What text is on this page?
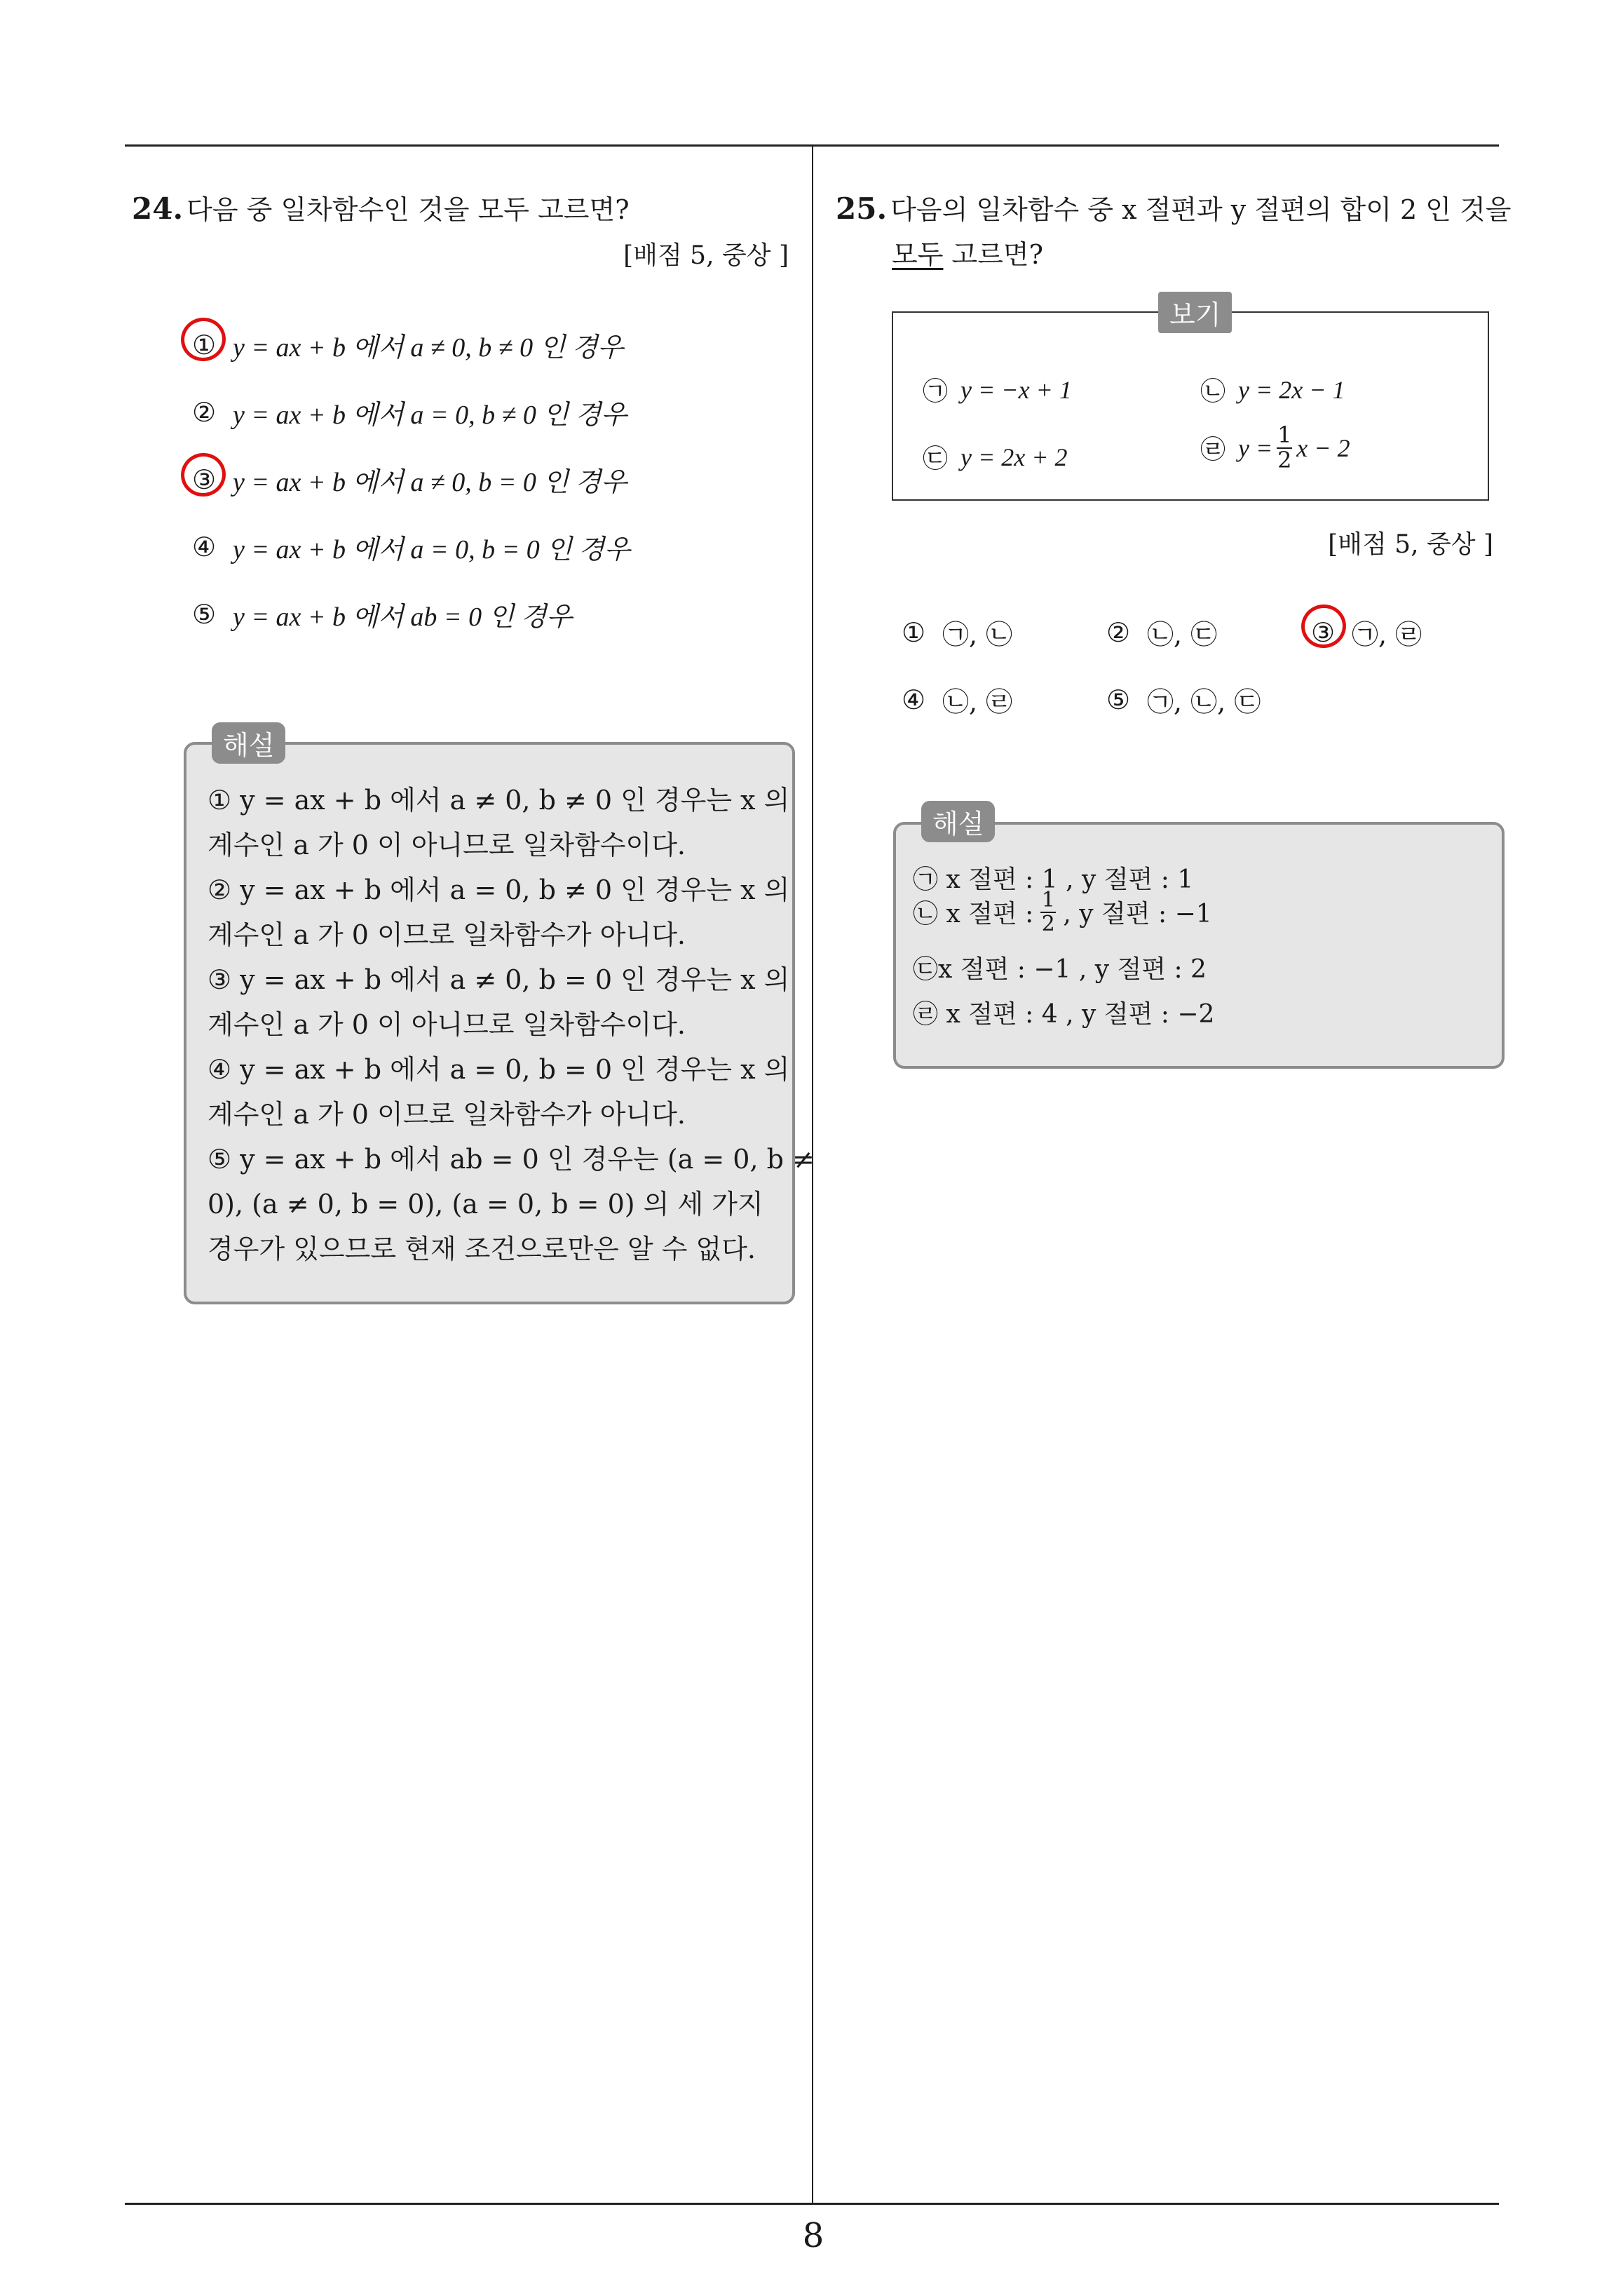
8
24. 다음 중 일차함수인 것을 모두 고르면?
[배점 5, 중상 ]
① y = ax + b 에서 a ≠ 0, b ≠ 0 인 경우
② y = ax + b 에서 a = 0, b ≠ 0 인 경우
③ y = ax + b 에서 a ≠ 0, b = 0 인 경우
④ y = ax + b 에서 a = 0, b = 0 인 경우
⑤ y = ax + b 에서 ab = 0 인 경우
해설
① y = ax + b 에서 a ≠ 0, b ≠ 0 인 경우는 x 의
계수인 a 가 0 이 아니므로 일차함수이다.
② y = ax + b 에서 a = 0, b ≠ 0 인 경우는 x 의
계수인 a 가 0 이므로 일차함수가 아니다.
③ y = ax + b 에서 a ≠ 0, b = 0 인 경우는 x 의
계수인 a 가 0 이 아니므로 일차함수이다.
④ y = ax + b 에서 a = 0, b = 0 인 경우는 x 의
계수인 a 가 0 이므로 일차함수가 아니다.
⑤ y = ax + b 에서 ab = 0 인 경우는 (a = 0, b ≠
0), (a ≠ 0, b = 0), (a = 0, b = 0) 의 세 가지
경우가 있으므로 현재 조건으로만은 알 수 없다.
25. 다음의 일차함수 중 x 절편과 y 절편의 합이 2 인 것을
모두 고르면?
보기
㉠ y = −x + 1	㉡ y = 2x − 1
㉢ y = 2x + 2	㉣ $y = \frac{1}{2}$ x − 2
[배점 5, 중상 ]
① ㉠, ㉡	② ㉡, ㉢	③ ㉠, ㉣
④ ㉡, ㉣	⑤ ㉠, ㉡, ㉢
해설
㉠ x 절편 : 1 , y 절편 : 1
㉡ x 절편 : $\frac{1}{2}$ , y 절편 : −1
㉢x 절편 : −1 , y 절편 : 2
㉣ x 절편 : 4 , y 절편 : −2
